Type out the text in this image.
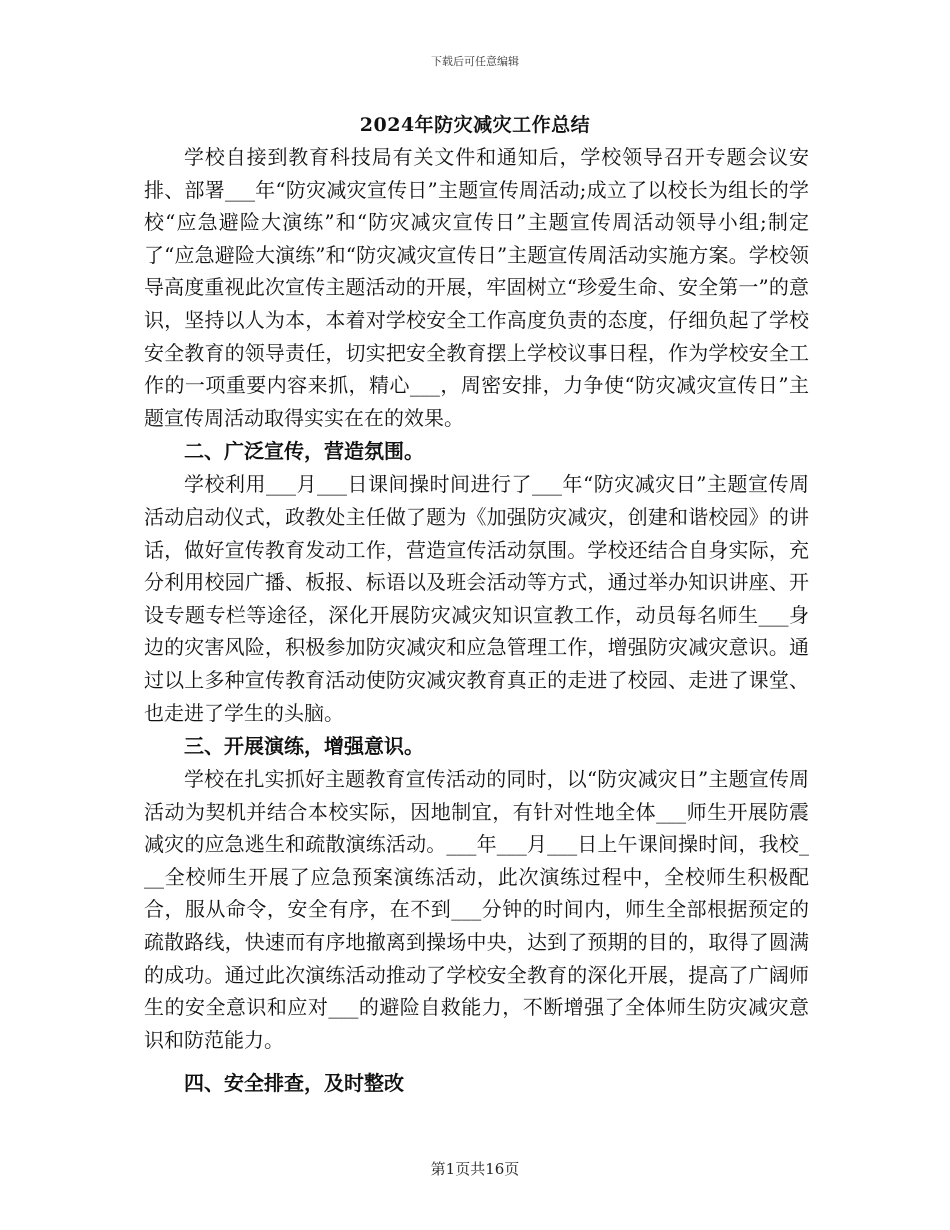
下载后可任意编辑
2024年防灾减灾工作总结

学校自接到教育科技局有关文件和通知后，学校领导召开专题会议安排、部署___年“防灾减灾宣传日”主题宣传周活动;成立了以校长为组长的学校“应急避险大演练”和“防灾减灾宣传日”主题宣传周活动领导小组;制定了“应急避险大演练”和“防灾减灾宣传日”主题宣传周活动实施方案。学校领导高度重视此次宣传主题活动的开展，牢固树立“珍爱生命、安全第一”的意识，坚持以人为本，本着对学校安全工作高度负责的态度，仔细负起了学校安全教育的领导责任，切实把安全教育摆上学校议事日程，作为学校安全工作的一项重要内容来抓，精心___，周密安排，力争使“防灾减灾宣传日”主题宣传周活动取得实实在在的效果。

二、广泛宣传，营造氛围。

学校利用___月___日课间操时间进行了___年“防灾减灾日”主题宣传周活动启动仪式，政教处主任做了题为《加强防灾减灾，创建和谐校园》的讲话，做好宣传教育发动工作，营造宣传活动氛围。学校还结合自身实际，充分利用校园广播、板报、标语以及班会活动等方式，通过举办知识讲座、开设专题专栏等途径，深化开展防灾减灾知识宣教工作，动员每名师生___身边的灾害风险，积极参加防灾减灾和应急管理工作，增强防灾减灾意识。通过以上多种宣传教育活动使防灾减灾教育真正的走进了校园、走进了课堂、也走进了学生的头脑。

三、开展演练，增强意识。

学校在扎实抓好主题教育宣传活动的同时，以“防灾减灾日”主题宣传周活动为契机并结合本校实际，因地制宜，有针对性地全体___师生开展防震减灾的应急逃生和疏散演练活动。___年___月___日上午课间操时间，我校___全校师生开展了应急预案演练活动，此次演练过程中，全校师生积极配合，服从命令，安全有序，在不到___分钟的时间内，师生全部根据预定的疏散路线，快速而有序地撤离到操场中央，达到了预期的目的，取得了圆满的成功。通过此次演练活动推动了学校安全教育的深化开展，提高了广阔师生的安全意识和应对___的避险自救能力，不断增强了全体师生防灾减灾意识和防范能力。

四、安全排查，及时整改

第1页共16页
